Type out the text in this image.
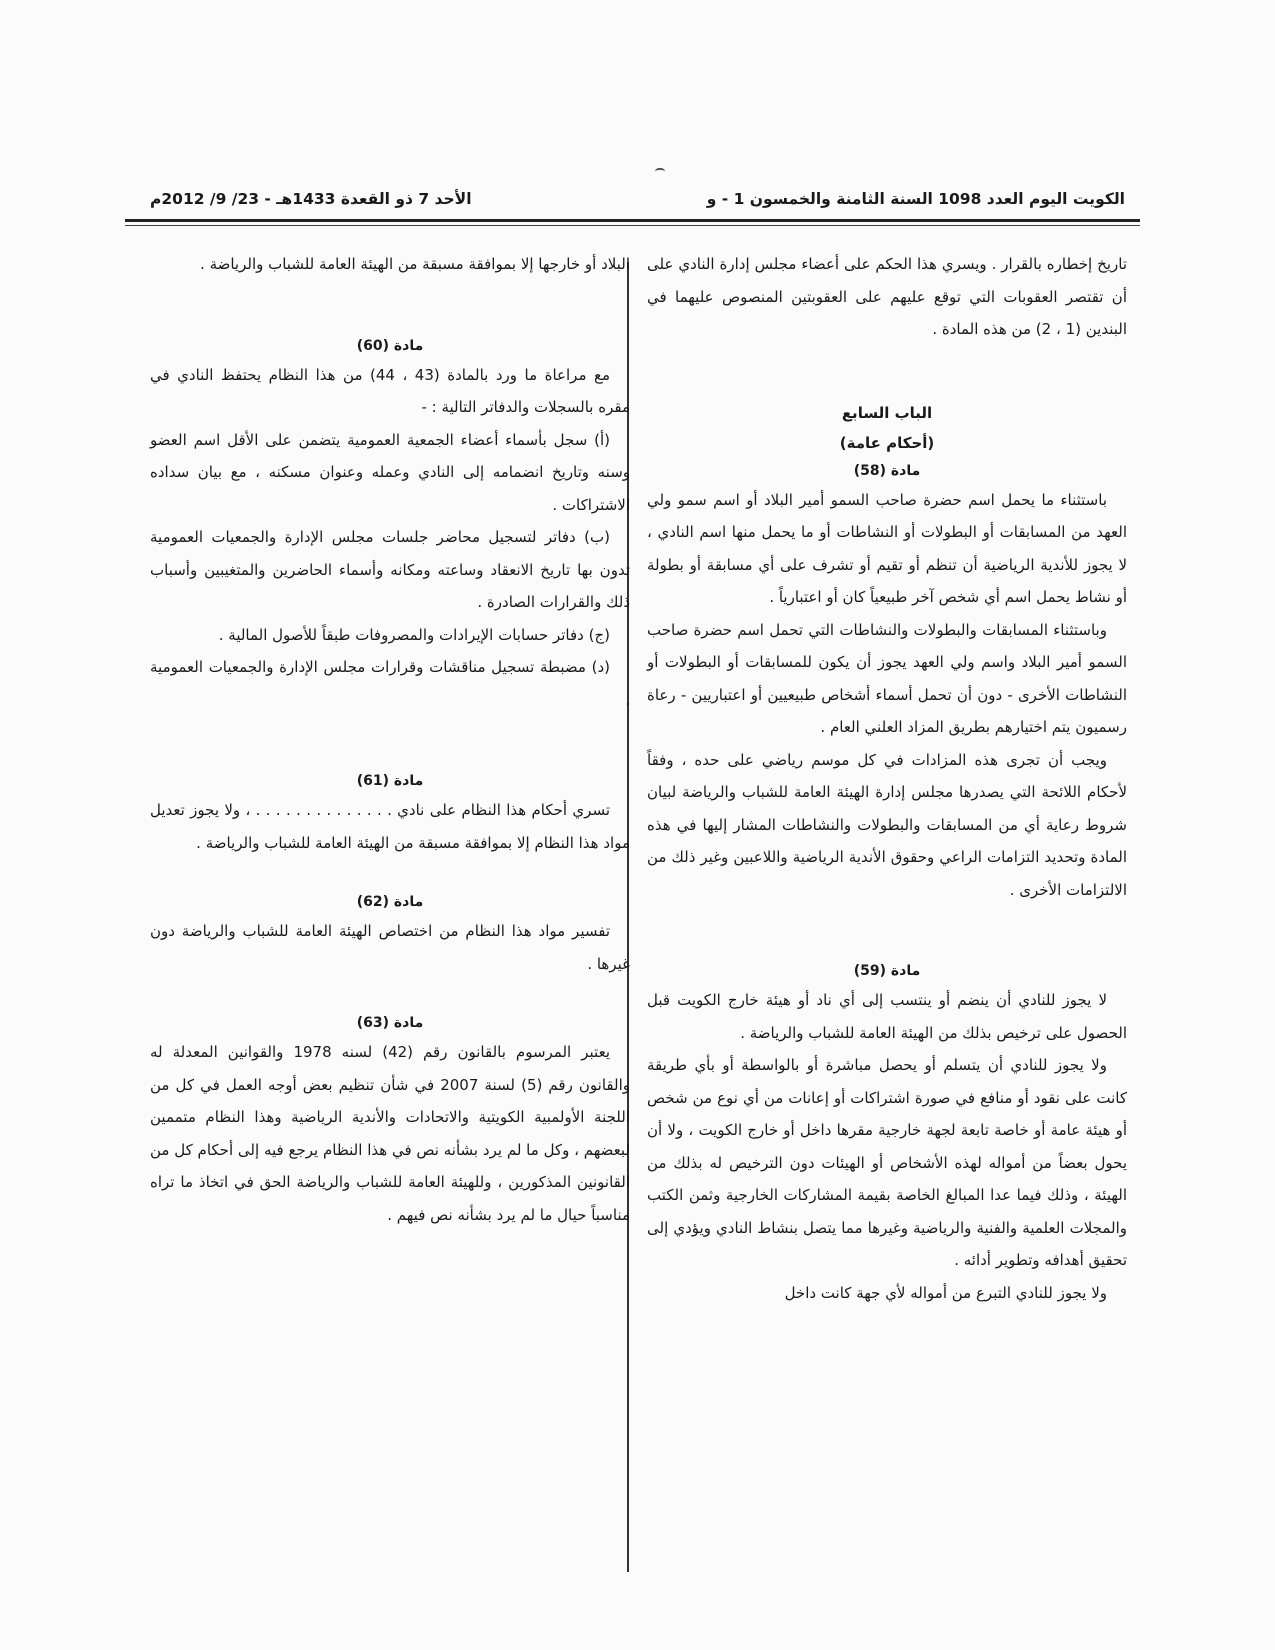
الكويت اليوم العدد 1098 السنة الثامنة والخمسون 1 - و
الأحد 7 ذو القعدة 1433هـ - 23/ 9/ 2012م

تاريخ إخطاره بالقرار . ويسري هذا الحكم على أعضاء مجلس إدارة النادي على أن تقتصر العقوبات التي توقع عليهم على العقوبتين المنصوص عليهما في البندين (1 ، 2) من هذه المادة .

الباب السابع

(أحكام عامة)

مادة (58)

باستثناء ما يحمل اسم حضرة صاحب السمو أمير البلاد أو اسم سمو ولي العهد من المسابقات أو البطولات أو النشاطات أو ما يحمل منها اسم النادي ، لا يجوز للأندية الرياضية أن تنظم أو تقيم أو تشرف على أي مسابقة أو بطولة أو نشاط يحمل اسم أي شخص آخر طبيعياً كان أو اعتبارياً .

وباستثناء المسابقات والبطولات والنشاطات التي تحمل اسم حضرة صاحب السمو أمير البلاد واسم ولي العهد يجوز أن يكون للمسابقات أو البطولات أو النشاطات الأخرى - دون أن تحمل أسماء أشخاص طبيعيين أو اعتباريين - رعاة رسميون يتم اختيارهم بطريق المزاد العلني العام .

ويجب أن تجرى هذه المزادات في كل موسم رياضي على حده ، وفقاً لأحكام اللائحة التي يصدرها مجلس إدارة الهيئة العامة للشباب والرياضة لبيان شروط رعاية أي من المسابقات والبطولات والنشاطات المشار إليها في هذه المادة وتحديد التزامات الراعي وحقوق الأندية الرياضية واللاعبين وغير ذلك من الالتزامات الأخرى .

مادة (59)

لا يجوز للنادي أن ينضم أو ينتسب إلى أي ناد أو هيئة خارج الكويت قبل الحصول على ترخيص بذلك من الهيئة العامة للشباب والرياضة .

ولا يجوز للنادي أن يتسلم أو يحصل مباشرة أو بالواسطة أو بأي طريقة كانت على نقود أو منافع في صورة اشتراكات أو إعانات من أي نوع من شخص أو هيئة عامة أو خاصة تابعة لجهة خارجية مقرها داخل أو خارج الكويت ، ولا أن يحول بعضاً من أمواله لهذه الأشخاص أو الهيئات دون الترخيص له بذلك من الهيئة ، وذلك فيما عدا المبالغ الخاصة بقيمة المشاركات الخارجية وثمن الكتب والمجلات العلمية والفنية والرياضية وغيرها مما يتصل بنشاط النادي ويؤدي إلى تحقيق أهدافه وتطوير أدائه .

ولا يجوز للنادي التبرع من أمواله لأي جهة كانت داخل

البلاد أو خارجها إلا بموافقة مسبقة من الهيئة العامة للشباب والرياضة .

مادة (60)

مع مراعاة ما ورد بالمادة (43 ، 44) من هذا النظام يحتفظ النادي في مقره بالسجلات والدفاتر التالية : -

(أ) سجل بأسماء أعضاء الجمعية العمومية يتضمن على الأقل اسم العضو وسنه وتاريخ انضمامه إلى النادي وعمله وعنوان مسكنه ، مع بيان سداده الاشتراكات .

(ب) دفاتر لتسجيل محاضر جلسات مجلس الإدارة والجمعيات العمومية تدون بها تاريخ الانعقاد وساعته ومكانه وأسماء الحاضرين والمتغيبين وأسباب ذلك والقرارات الصادرة .

(ج) دفاتر حسابات الإيرادات والمصروفات طبقاً للأصول المالية .

(د) مضبطة تسجيل مناقشات وقرارات مجلس الإدارة والجمعيات العمومية .

مادة (61)

تسري أحكام هذا النظام على نادي . . . . . . . . . . . . . . ، ولا يجوز تعديل مواد هذا النظام إلا بموافقة مسبقة من الهيئة العامة للشباب والرياضة .

مادة (62)

تفسير مواد هذا النظام من اختصاص الهيئة العامة للشباب والرياضة دون غيرها .

مادة (63)

يعتبر المرسوم بالقانون رقم (42) لسنه 1978 والقوانين المعدلة له والقانون رقم (5) لسنة 2007 في شأن تنظيم بعض أوجه العمل في كل من اللجنة الأولمبية الكويتية والاتحادات والأندية الرياضية وهذا النظام متممين لبعضهم ، وكل ما لم يرد بشأنه نص في هذا النظام يرجع فيه إلى أحكام كل من القانونين المذكورين ، وللهيئة العامة للشباب والرياضة الحق في اتخاذ ما تراه مناسباً حيال ما لم يرد بشأنه نص فيهم .
